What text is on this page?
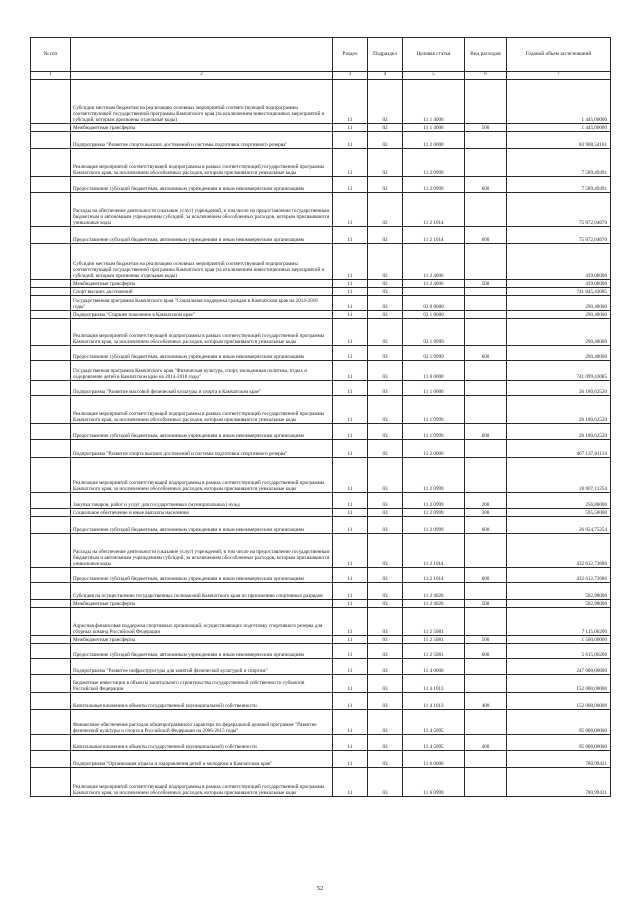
№ п/п		Раздел	Подраздел	Целевая статья	Вид расходов	Годовой объем ассигнований
1	2	3	4	5	6	7
	Субсидии местным бюджетам на реализацию основных мероприятий соответствующей подпрограммы соответствующей государственной программы Камчатского края (за исключением инвестиционных мероприятий и субсидий, которым присвоены отдельные коды)	11	02	11 1 4006		1 445,00000
	Межбюджетные трансферты	11	02	11 1 4006	500	1 445,00000
	Подпрограмма "Развитие спорта высших достижений и системы подготовки спортивного резерва"	11	02	11 2 0000		83 908,54161
	Реализация мероприятий соответствующей подпрограммы в рамках соответствующей государственной программы Камчатского края, за исключением обособленных расходов, которым присваиваются уникальные коды	11	02	11 2 0999		7 589,49491
	Предоставление субсидий бюджетным, автономным учреждениям и иным некоммерческим организациям	11	02	11 2 0999	600	7 589,49491
	Расходы на обеспечение деятельности (оказание услуг) учреждений, в том числе на предоставление государственным бюджетным и автономным учреждениям субсидий, за исключением обособленных расходов, которым присваиваются уникальные коды	11	02	11 2 1014		75 872,04670
	Предоставление субсидий бюджетным, автономным учреждениям и иным некоммерческим организациям	11	02	11 2 1014	600	75 872,04670
	Субсидии местным бюджетам на реализацию основных мероприятий соответствующей подпрограммы соответствующей государственной программы Камчатского края (за исключением инвестиционных мероприятий и субсидий, которым присвоены отдельные коды)	11	02	11 2 4006		439,00000
	Межбюджетные трансферты	11	02	11 2 4006	500	439,00000
	Спорт высших достижений	11	03			741 845,43085
	Государственная программа Камчатского края "Социальная поддержка граждан в Камчатском крае на 2014-2018 годы"	11	03	03 0 0000		290,40000
	Подпрограмма "Старшее поколение в Камчатском крае"	11	03	03 1 0000		290,40000
	Реализация мероприятий соответствующей подпрограммы в рамках соответствующей государственной программы Камчатского края, за исключением обособленных расходов, которым присваиваются уникальные коды	11	03	03 1 0999		290,40000
	Предоставление субсидий бюджетным, автономным учреждениям и иным некоммерческим организациям	11	03	03 1 0999	600	290,40000
	Государственная программа Камчатского края "Физическая культура, спорт, молодежная политика, отдых и оздоровление детей в Камчатском крае на 2014-2018 годы"	11	03	11 0 0000		741 099,43085
	Подпрограмма "Развитие массовой физической культуры и спорта в Камчатском крае"	11	03	11 1 0000		26 180,62520
	Реализация мероприятий соответствующей подпрограммы в рамках соответствующей государственной программы Камчатского края, за исключением обособленных расходов, которым присваиваются уникальные коды	11	03	11 1 0999		26 180,62520
	Предоставление субсидий бюджетным, автономным учреждениям и иным некоммерческим организациям	11	03	11 1 0999	600	26 180,62520
	Подпрограмма "Развитие спорта высших достижений и системы подготовки спортивного резерва"	11	03	11 2 0000		467 137,81134
	Реализация мероприятий соответствующей подпрограммы в рамках соответствующей государственной программы Камчатского края, за исключением обособленных расходов, которым присваиваются уникальные коды	11	03	11 2 0999		26 907,11254
	Закупка товаров, работ и услуг для государственных (муниципальных) нужд	11	03	11 2 0999	200	256,86000
	Социальное обеспечение и иные выплаты населению	11	03	11 2 0999	300	595,50000
	Предоставление субсидий бюджетным, автономным учреждениям и иным некоммерческим организациям	11	03	11 2 0999	600	26 054,75254
	Расходы на обеспечение деятельности (оказание услуг) учреждений, в том числе на предоставление государственным бюджетным и автономным учреждениям субсидий, за исключением обособленных расходов, которым присваиваются уникальные коды	11	03	11 2 1014		432 612,73680
	Предоставление субсидий бюджетным, автономным учреждениям и иным некоммерческим организациям	11	03	11 2 1014	600	432 612,73680
	Субсидия на осуществление государственных полномочий Камчатского края по присвоению спортивных разрядов	11	03	11 2 4020		502,90000
	Межбюджетные трансферты	11	03	11 2 4020	500	502,90000
	Адресная финансовая поддержка спортивных организаций, осуществляющих подготовку спортивного резерва для сборных команд Российской Федерации	11	03	11 2 5081		7 115,06200
	Межбюджетные трансферты	11	03	11 2 5081	500	1 500,00000
	Предоставление субсидий бюджетным, автономным учреждениям и иным некоммерческим организациям	11	03	11 2 5081	600	5 615,06200
	Подпрограмма "Развитие инфраструктуры для занятий физической культурой и спортом"	11	03	11 4 0000		247 000,00000
	Бюджетные инвестиции в объекты капитального строительства государственной собственности субъектов Российской Федерации	11	03	11 4 1013		152 000,00000
	Капитальные вложения в объекты государственной (муниципальной) собственности	11	03	11 4 1013	400	152 000,00000
	Финансовое обеспечение расходов общепрограммного характера по федеральной целевой программе "Развитие физической культуры и спорта в Российской Федерации на 2006-2015 годы"	11	03	11 4 5095		95 000,00000
	Капитальные вложения в объекты государственной (муниципальной) собственности	11	03	11 4 5095	400	95 000,00000
	Подпрограмма "Организация отдыха и оздоровления детей и молодежи в Камчатском крае"	11	03	11 6 0000		780,99431
	Реализация мероприятий соответствующей подпрограммы в рамках соответствующей государственной программы Камчатского края, за исключением обособленных расходов, которым присваиваются уникальные коды	11	03	11 6 0999		780,99431
52
